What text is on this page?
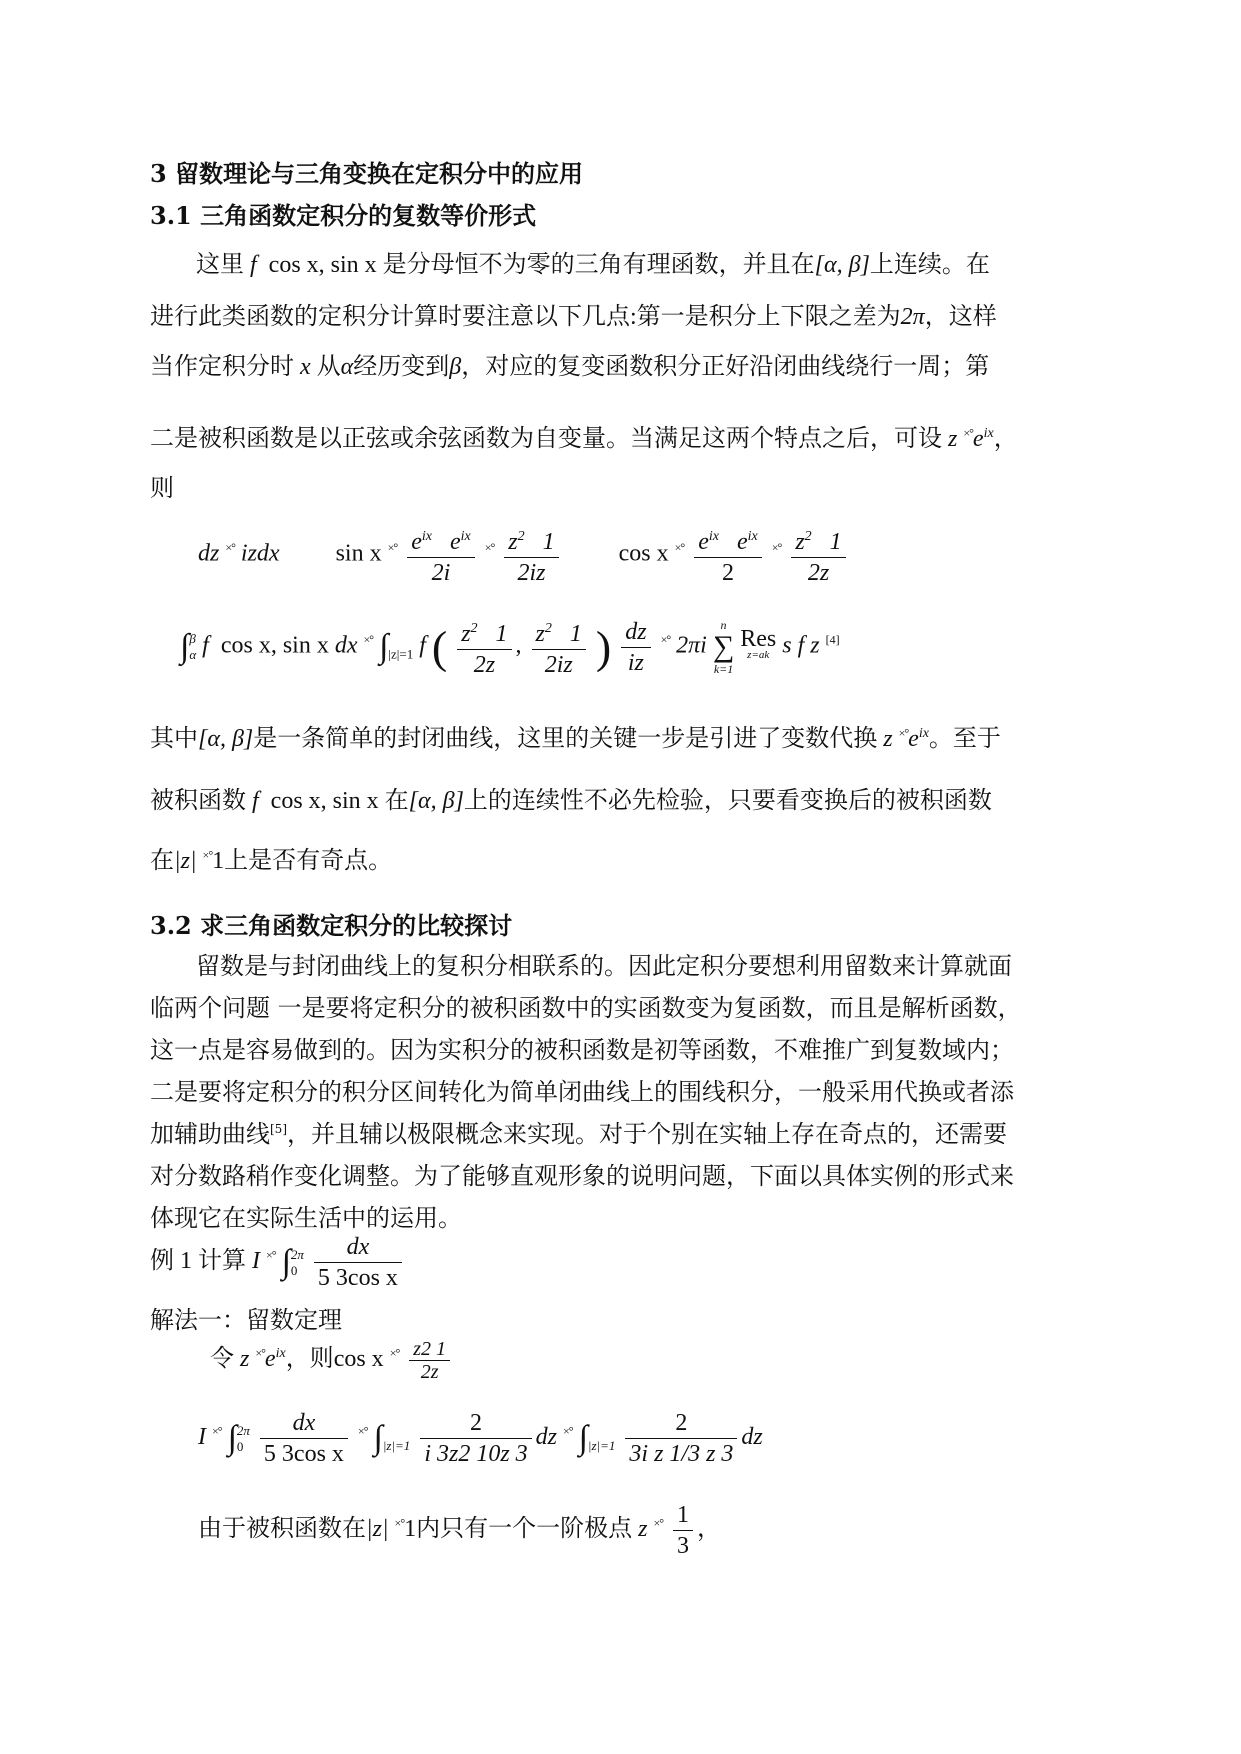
3 留数理论与三角变换在定积分中的应用
3.1 三角函数定积分的复数等价形式
这里 f cos x, sin x 是分母恒不为零的三角有理函数，并且在[α, β]上连续。在
进行此类函数的定积分计算时要注意以下几点:第一是积分上下限之差为2π，这样
当作定积分时 x 从α经历变到β，对应的复变函数积分正好沿闭曲线绕行一周；第
二是被积函数是以正弦或余弦函数为自变量。当满足这两个特点之后，可设 z $^{\times^\circ}e^{ix}$，
则
dz ×° izdx sin x $^{\times^\circ} \frac{e^{ix} e^{ix}}{2i} ^{\times^\circ} \frac{z^2 1}{2iz}$	cos x $^{\times^\circ} \frac{e^{ix} e^{ix}}{2} ^{\times^\circ} \frac{z^2 1}{2z}$
∫ β
α f cos x, sin x dx ×° $\int_{|z|=1}$ f ( $\frac{z^2 1}{2z}$ , $\frac{z^2 1}{2iz}$ ) $\frac{dz}{iz} ^{\times^\circ}$ 2πi
n
∑
k=1

Res
z=ak s f z [4]
其中[α, β]是一条简单的封闭曲线，这里的关键一步是引进了变数代换 z $^{\times^\circ}e^{ix}$。至于
被积函数 f cos x, sin x 在[α, β]上的连续性不必先检验，只要看变换后的被积函数
在|z| ×°1上是否有奇点。
3.2 求三角函数定积分的比较探讨
留数是与封闭曲线上的复积分相联系的。因此定积分要想利用留数来计算就面
临两个问题 一是要将定积分的被积函数中的实函数变为复函数，而且是解析函数，
这一点是容易做到的。因为实积分的被积函数是初等函数，不难推广到复数域内；
二是要将定积分的积分区间转化为简单闭曲线上的围线积分，一般采用代换或者添
加辅助曲线[5]，并且辅以极限概念来实现。对于个别在实轴上存在奇点的，还需要
对分数路稍作变化调整。为了能够直观形象的说明问题，下面以具体实例的形式来
体现它在实际生活中的运用。
例 1 计算 I ×° ∫ 2π
0
$\frac{dx}{\text{5 3cos x}}$
解法一：留数定理
令 z $^{\times^\circ}e^{ix}$，则cos x $^{\times^\circ} \frac{z2 1}{2z}$
I ×° ∫ 2π
0
$\frac{dx}{\text{5 3cos x}} ^{\times^\circ}$ $\int_{|z|=1} \frac{2}{i 3z2 10z 3}$ dz ×° $\int_{|z|=1} \frac{2}{\text{3i z 1/3 z 3}}$ dz
由于被积函数在|z| ×°1内只有一个一阶极点 z $^{\times^\circ} \frac{1}{3}$ ，
